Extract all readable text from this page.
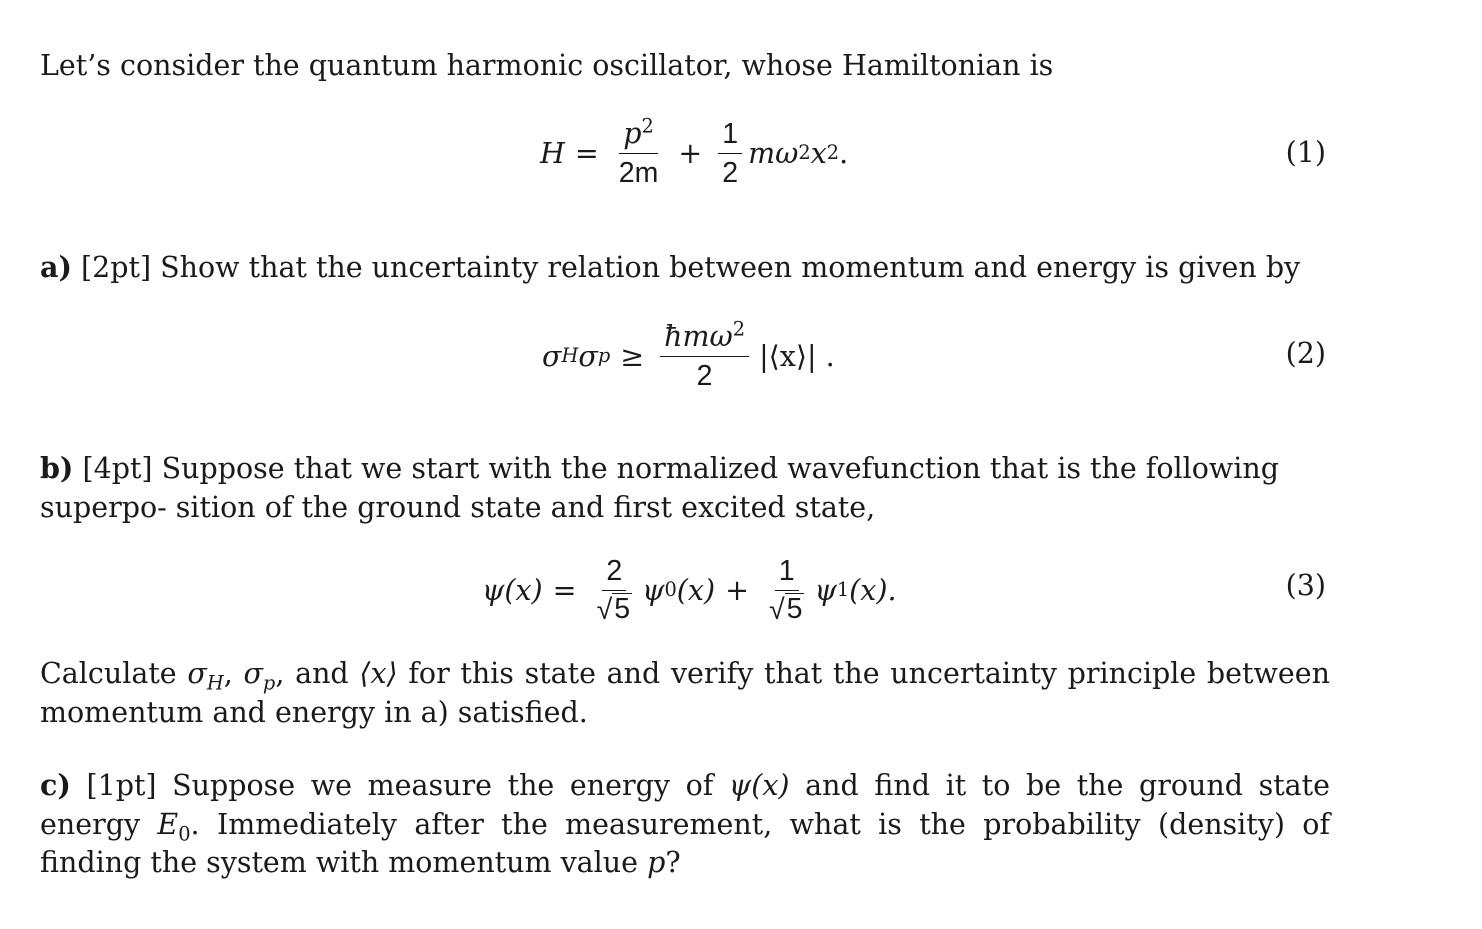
Let’s consider the quantum harmonic oscillator, whose Hamiltonian is
$H = \frac{p^2}{2m} + \frac{1}{2}$ mω 2 x 2 .	(1)
a) [2pt] Show that the uncertainty relation between momentum and energy is given by
σ H σ $p \ge \frac{ħm\omega^2}{2}$ |⟨x⟩| .	(2)
b) [4pt] Suppose that we start with the normalized wavefunction that is the following superpo- sition of the ground state and first excited state,
$\psi(x) = \frac{2}{√ 5}$ ψ 0 $(x) + \frac{1}{√ 5}$ ψ 1 (x).	(3)
Calculate $\sigma_H$, $\sigma_p$, and ⟨x⟩ for this state and verify that the uncertainty principle between momentum and energy in a) satisfied.
c) [1pt] Suppose we measure the energy of ψ(x) and find it to be the ground state energy $E_0$. Immediately after the measurement, what is the probability (density) of finding the system with momentum value p?
